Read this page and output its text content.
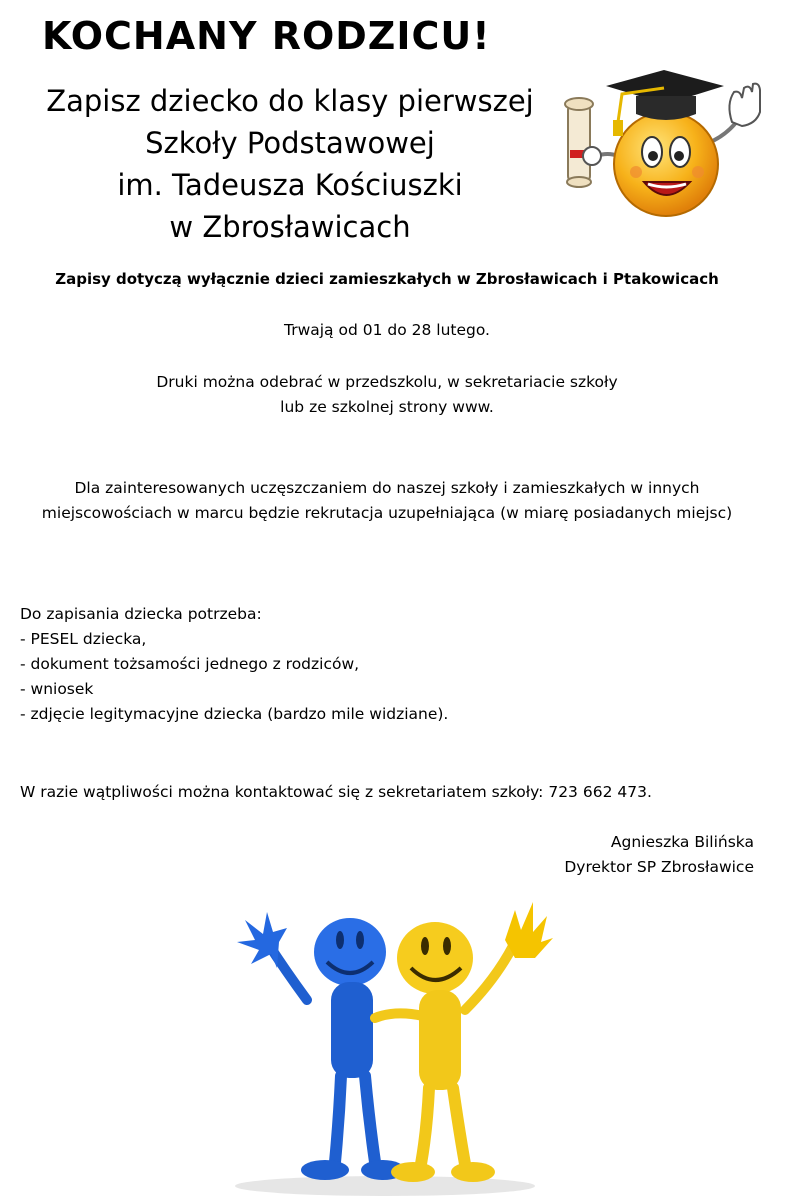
KOCHANY RODZICU!
Zapisz dziecko do klasy pierwszej
Szkoły Podstawowej
im. Tadeusza Kościuszki
w Zbrosławicach

Zapisy dotyczą wyłącznie dzieci zamieszkałych w Zbrosławicach i Ptakowicach

Trwają od 01 do 28 lutego.

Druki można odebrać w przedszkolu, w sekretariacie szkoły
lub ze szkolnej strony www.

Dla zainteresowanych uczęszczaniem do naszej szkoły i zamieszkałych w innych miejscowościach w marcu będzie rekrutacja uzupełniająca (w miarę posiadanych miejsc)

Do zapisania dziecka potrzeba:
- PESEL dziecka,
- dokument tożsamości jednego z rodziców,
- wniosek
- zdjęcie legitymacyjne dziecka (bardzo mile widziane).

W razie wątpliwości można kontaktować się z sekretariatem szkoły: 723 662 473.

Agnieszka Bilińska
Dyrektor SP Zbrosławice
